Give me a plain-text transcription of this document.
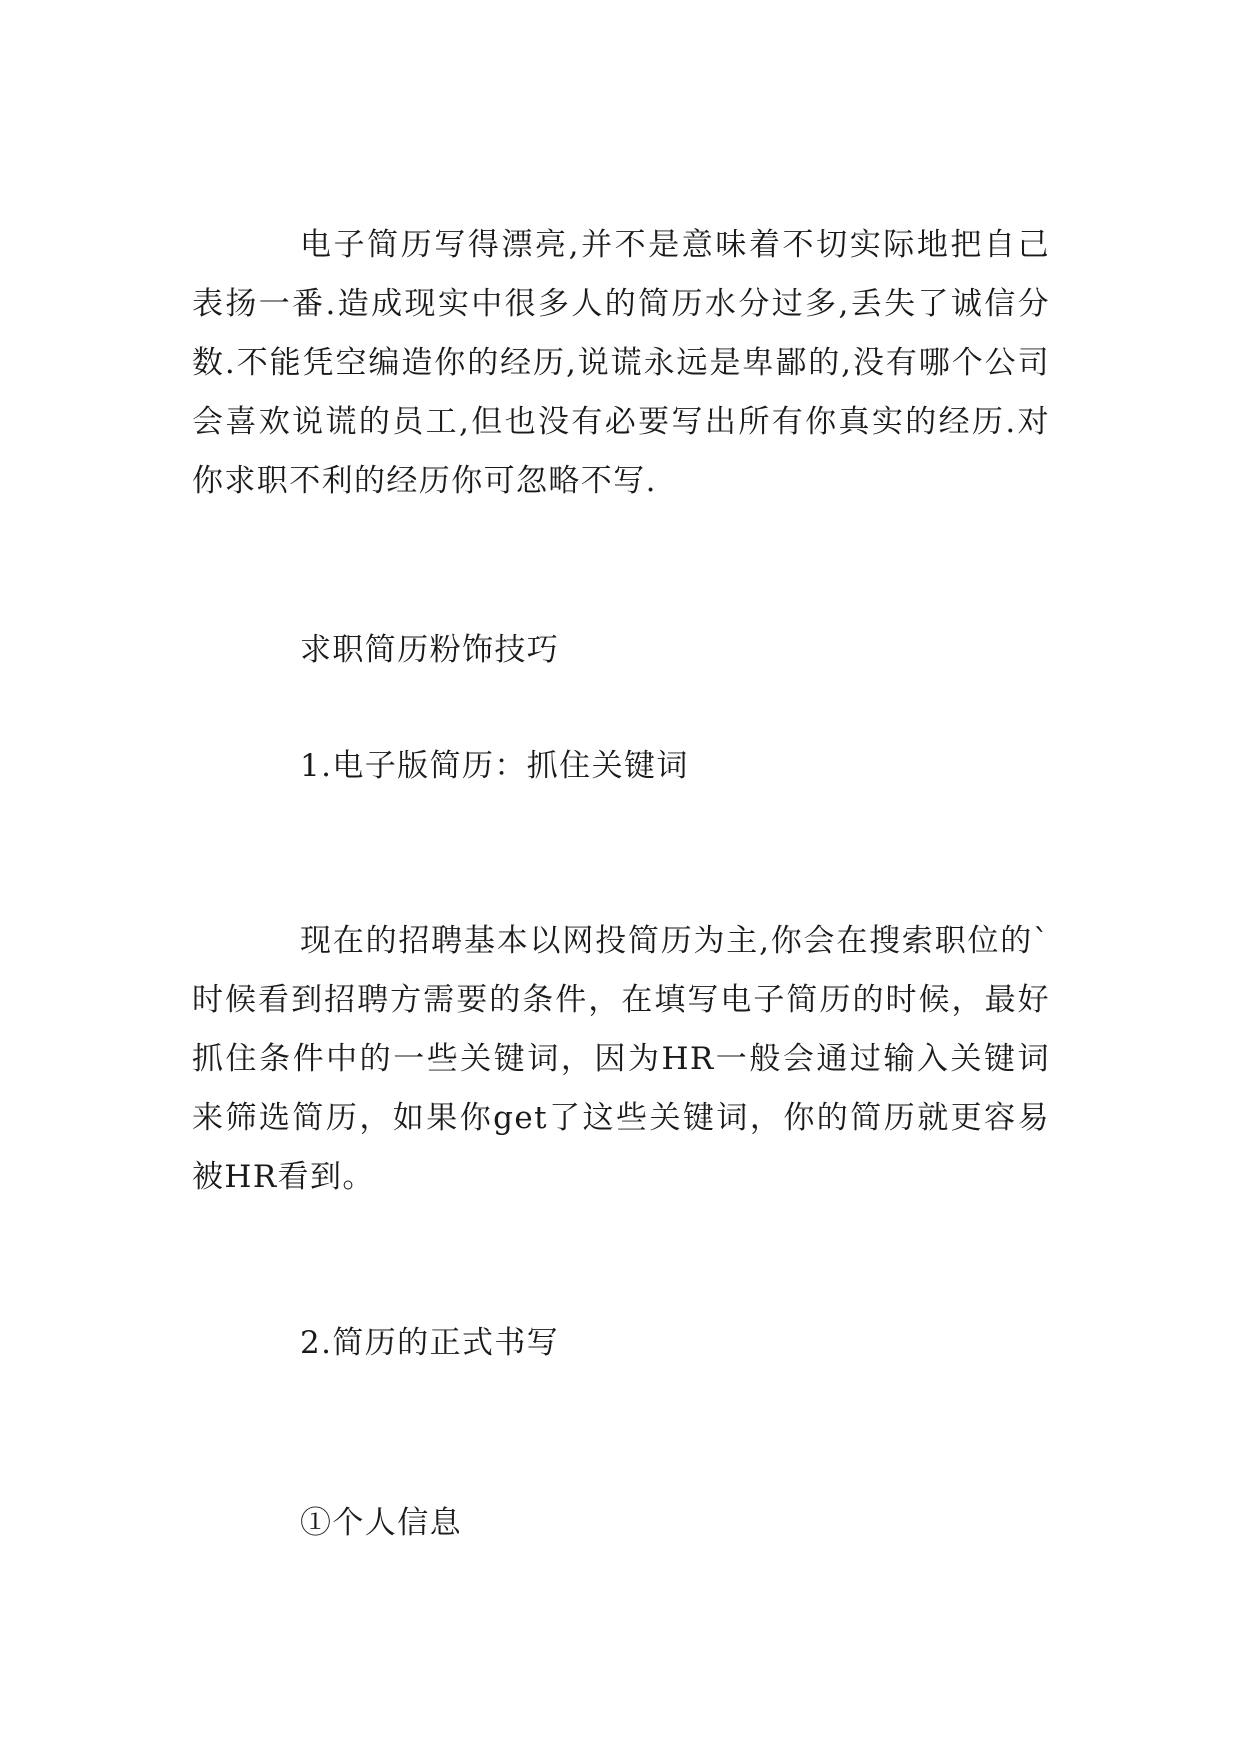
电子简历写得漂亮,并不是意味着不切实际地把自己表扬一番.造成现实中很多人的简历水分过多,丢失了诚信分数.不能凭空编造你的经历,说谎永远是卑鄙的,没有哪个公司会喜欢说谎的员工,但也没有必要写出所有你真实的经历.对你求职不利的经历你可忽略不写.

求职简历粉饰技巧

1.电子版简历：抓住关键词

现在的招聘基本以网投简历为主,你会在搜索职位的`时候看到招聘方需要的条件，在填写电子简历的时候，最好抓住条件中的一些关键词，因为HR一般会通过输入关键词来筛选简历，如果你get了这些关键词，你的简历就更容易被HR看到。

2.简历的正式书写

①个人信息
